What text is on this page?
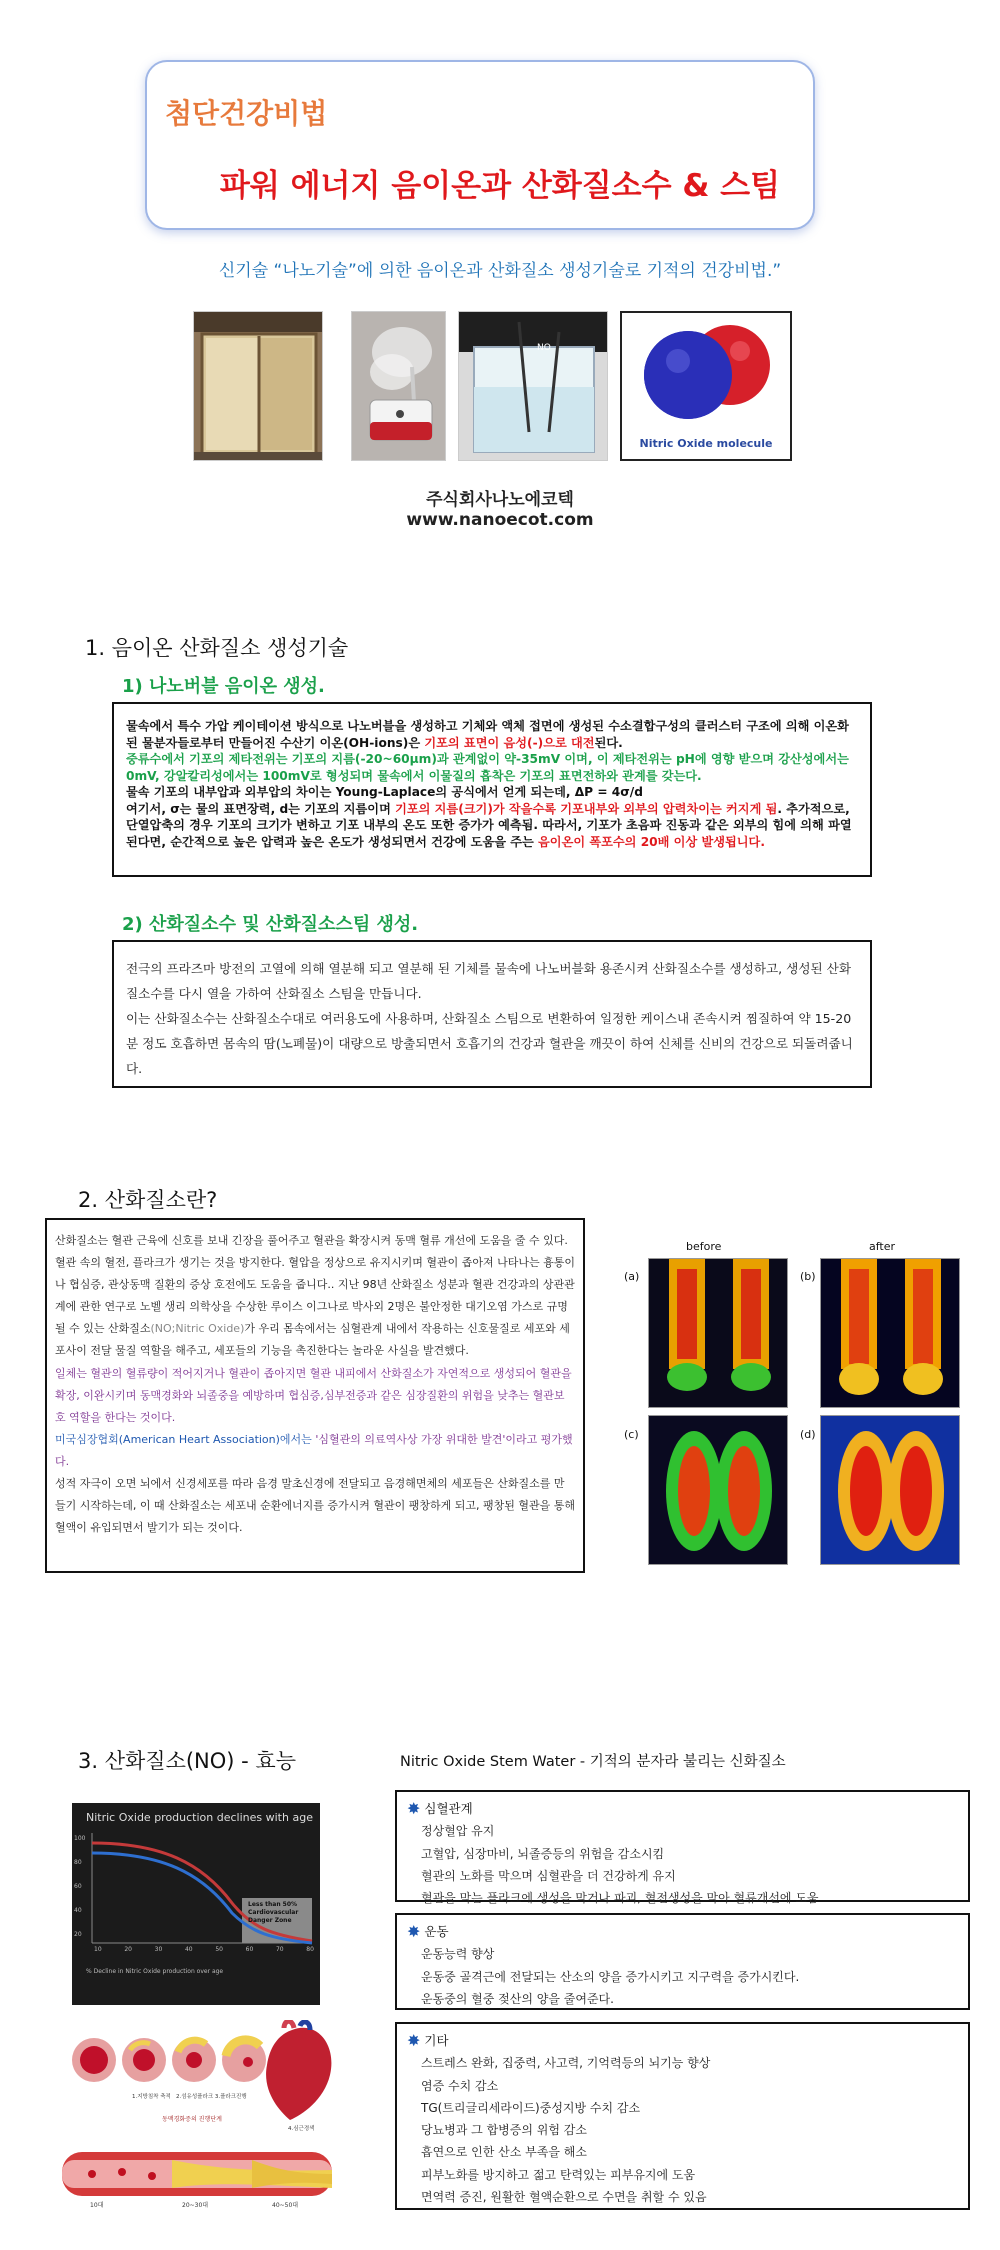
첨단건강비법
파워 에너지 음이온과 산화질소수 & 스팀
신기술 “나노기술”에 의한 음이온과 산화질소 생성기술로 기적의 건강비법.”
NO
Nitric Oxide molecule
주식회사나노에코텍
www.nanoecot.com
1. 음이온 산화질소 생성기술
1) 나노버블 음이온 생성.
물속에서 특수 가압 케이테이션 방식으로 나노버블을 생성하고 기체와 액체 접면에 생성된 수소결합구성의 클러스터 구조에 의해 이온화된 물분자들로부터 만들어진 수산기 이온(OH-ions)은 기포의 표면이 음성(-)으로 대전된다.
중류수에서 기포의 제타전위는 기포의 지름(-20~60μm)과 관계없이 약-35mV 이며, 이 제타전위는 pH에 영향 받으며 강산성에서는 0mV, 강알칼리성에서는 100mV로 형성되며 물속에서 이물질의 흡착은 기포의 표면전하와 관계를 갖는다.
물속 기포의 내부압과 외부압의 차이는 Young-Laplace의 공식에서 얻게 되는데, ΔP = 4σ/d
여기서, σ는 물의 표면장력, d는 기포의 지름이며 기포의 지름(크기)가 작을수록 기포내부와 외부의 압력차이는 커지게 됨. 추가적으로, 단열압축의 경우 기포의 크기가 변하고 기포 내부의 온도 또한 증가가 예측됨. 따라서, 기포가 초음파 진동과 같은 외부의 힘에 의해 파열 된다면, 순간적으로 높은 압력과 높은 온도가 생성되면서 건강에 도움을 주는 음이온이 폭포수의 20배 이상 발생됩니다.
2) 산화질소수 및 산화질소스팀 생성.
전극의 프라즈마 방전의 고열에 의해 열분해 되고 열분해 된 기체를 물속에 나노버블화 용존시켜 산화질소수를 생성하고, 생성된 산화질소수를 다시 열을 가하여 산화질소 스팀을 만듭니다.
이는 산화질소수는 산화질소수대로 여러용도에 사용하며, 산화질소 스팀으로 변환하여 일정한 케이스내 존속시켜 찜질하여 약 15-20분 정도 호흡하면 몸속의 땀(노폐물)이 대량으로 방출되면서 호흡기의 건강과 혈관을 깨끗이 하여 신체를 신비의 건강으로 되돌려줍니다.
2. 산화질소란?
산화질소는 혈관 근육에 신호를 보내 긴장을 풀어주고 혈관을 확장시켜 동맥 혈류 개선에 도움을 줄 수 있다. 혈관 속의 혈전, 플라크가 생기는 것을 방지한다. 혈압을 정상으로 유지시키며 혈관이 좁아져 나타나는 흉통이나 협심증, 관상동맥 질환의 증상 호전에도 도움을 줍니다.. 지난 98년 산화질소 성분과 혈관 건강과의 상관관계에 관한 연구로 노벨 생리 의학상을 수상한 루이스 이그나로 박사외 2명은 불안정한 대기오염 가스로 규명될 수 있는 산화질소(NO;Nitric Oxide)가 우리 몸속에서는 심혈관계 내에서 작용하는 신호물질로 세포와 세포사이 전달 물질 역할을 해주고, 세포들의 기능을 촉진한다는 놀라운 사실을 발견했다.
일체는 혈관의 혈류량이 적어지거나 혈관이 좁아지면 혈관 내피에서 산화질소가 자연적으로 생성되어 혈관을 확장, 이완시키며 동맥경화와 뇌졸중을 예방하며 협심증,심부전증과 같은 심장질환의 위험을 낮추는 혈관보호 역할을 한다는 것이다.
미국심장협회(American Heart Association)에서는 '심혈관의 의료역사상 가장 위대한 발견'이라고 평가했다.
성적 자극이 오면 뇌에서 신경세포를 따라 음경 말초신경에 전달되고 음경해면체의 세포들은 산화질소를 만들기 시작하는데, 이 때 산화질소는 세포내 순환에너지를 증가시켜 혈관이 팽창하게 되고, 팽창된 혈관을 통해 혈액이 유입되면서 발기가 되는 것이다.
before	after
(a)	(b)
(c)	(d)
3. 산화질소(NO) - 효능	Nitric Oxide Stem Water - 기적의 분자라 불리는 신화질소
Nitric Oxide production declines with age
Less than 50% Cardiovascular Danger Zone
100
80
60
40
20
10	20	30	40	50	60	70	80
% Decline in Nitric Oxide production over age
1.지방침착 축적 2.섬유성플라크 3.플라크진행
4.심근경색
동맥경화증의 진행단계
10대	20~30대	40~50대
✸ 심혈관계
정상혈압 유지
고혈압, 심장마비, 뇌졸증등의 위험을 감소시킴
혈관의 노화를 막으며 심혈관을 더 건강하게 유지
혈관을 막는 플라크에 생성을 막거나 파괴, 혈전생성을 막아 혈류개선에 도움
✸ 운동
운동능력 향상
운동중 골격근에 전달되는 산소의 양을 증가시키고 지구력을 증가시킨다.
운동중의 혈중 젖산의 양을 줄여준다.
✸ 기타
스트레스 완화, 집중력, 사고력, 기억력등의 뇌기능 향상
염증 수치 감소
TG(트리글리세라이드)중성지방 수치 감소
당뇨병과 그 합병증의 위험 감소
흡연으로 인한 산소 부족을 해소
피부노화를 방지하고 젊고 탄력있는 피부유지에 도움
면역력 증진, 원활한 혈액순환으로 수면을 취할 수 있음
